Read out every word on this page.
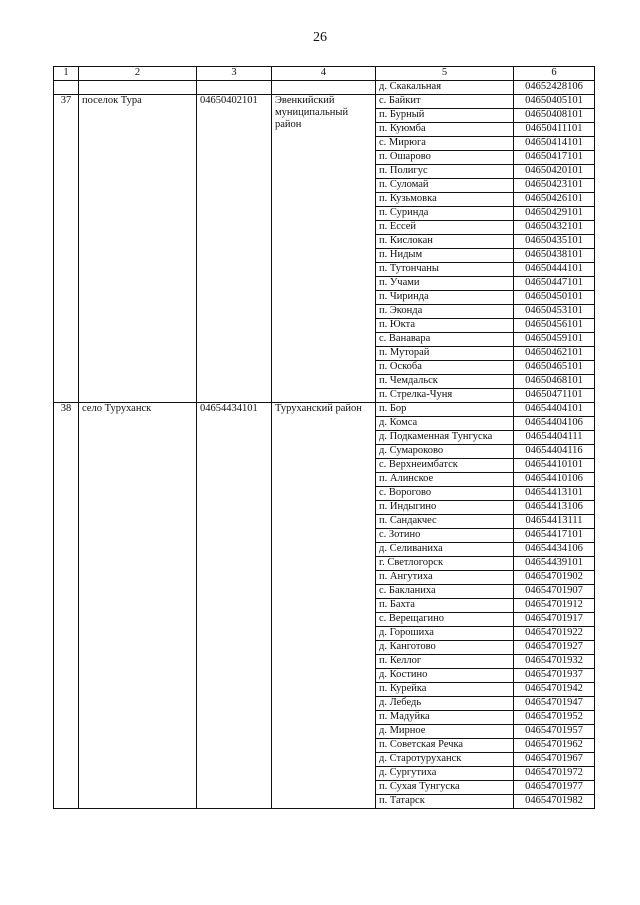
26
1	2	3	4	5	6
				д. Скакальная	04652428106
37	поселок Тура	04650402101	Эвенкийский муниципальный район	с. Байкит	04650405101
				п. Бурный	04650408101
				п. Куюмба	04650411101
				с. Мирюга	04650414101
				п. Ошарово	04650417101
				п. Полигус	04650420101
				п. Суломай	04650423101
				п. Кузьмовка	04650426101
				п. Суринда	04650429101
				п. Ессей	04650432101
				п. Кислокан	04650435101
				п. Нидым	04650438101
				п. Тутончаны	04650444101
				п. Учами	04650447101
				п. Чиринда	04650450101
				п. Эконда	04650453101
				п. Юкта	04650456101
				с. Ванавара	04650459101
				п. Муторай	04650462101
				п. Оскоба	04650465101
				п. Чемдальск	04650468101
				п. Стрелка-Чуня	04650471101
38	село Туруханск	04654434101	Туруханский район	п. Бор	04654404101
				д. Комса	04654404106
				д. Подкаменная Тунгуска	04654404111
				д. Сумароково	04654404116
				с. Верхнеимбатск	04654410101
				п. Алинское	04654410106
				с. Ворогово	04654413101
				п. Индыгино	04654413106
				п. Сандакчес	04654413111
				с. Зотино	04654417101
				д. Селиваниха	04654434106
				г. Светлогорск	04654439101
				п. Ангутиха	04654701902
				с. Бакланиха	04654701907
				п. Бахта	04654701912
				с. Верещагино	04654701917
				д. Горошиха	04654701922
				д. Канготово	04654701927
				п. Келлог	04654701932
				д. Костино	04654701937
				п. Курейка	04654701942
				д. Лебедь	04654701947
				п. Мадуйка	04654701952
				д. Мирное	04654701957
				п. Советская Речка	04654701962
				д. Старотуруханск	04654701967
				д. Сургутиха	04654701972
				п. Сухая Тунгуска	04654701977
				п. Татарск	04654701982
